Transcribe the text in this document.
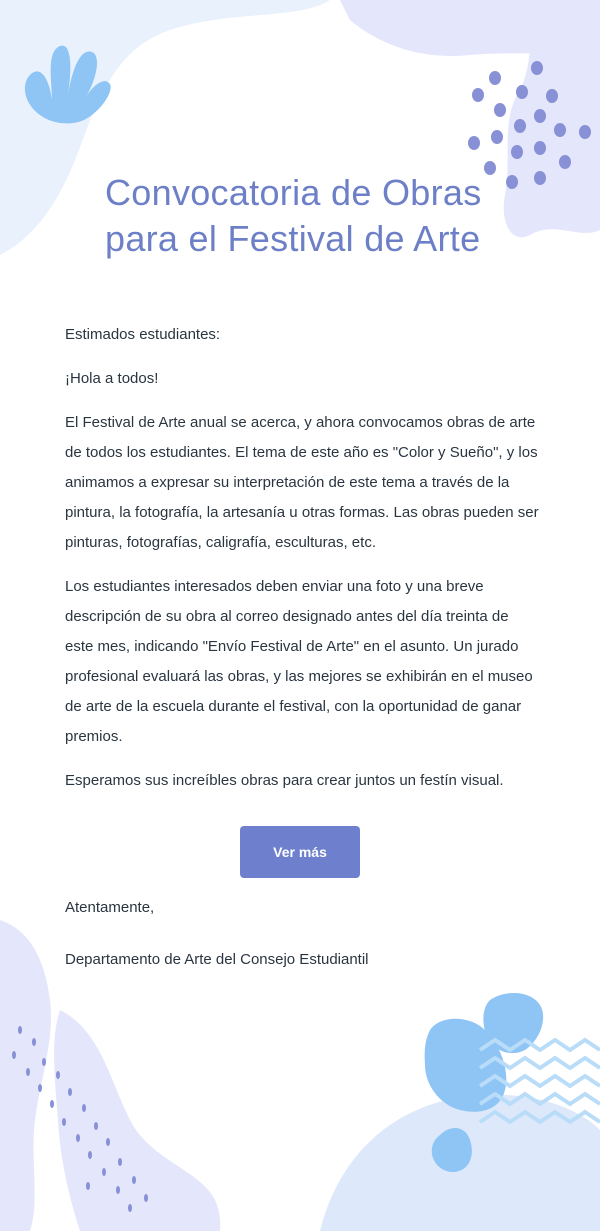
Convocatoria de Obras
para el Festival de Arte

Estimados estudiantes:

¡Hola a todos!

El Festival de Arte anual se acerca, y ahora convocamos obras de arte de todos los estudiantes. El tema de este año es "Color y Sueño", y los animamos a expresar su interpretación de este tema a través de la pintura, la fotografía, la artesanía u otras formas. Las obras pueden ser pinturas, fotografías, caligrafía, esculturas, etc.

Los estudiantes interesados deben enviar una foto y una breve descripción de su obra al correo designado antes del día treinta de este mes, indicando "Envío Festival de Arte" en el asunto. Un jurado profesional evaluará las obras, y las mejores se exhibirán en el museo de arte de la escuela durante el festival, con la oportunidad de ganar premios.

Esperamos sus increíbles obras para crear juntos un festín visual.

Ver más

Atentamente,

Departamento de Arte del Consejo Estudiantil
